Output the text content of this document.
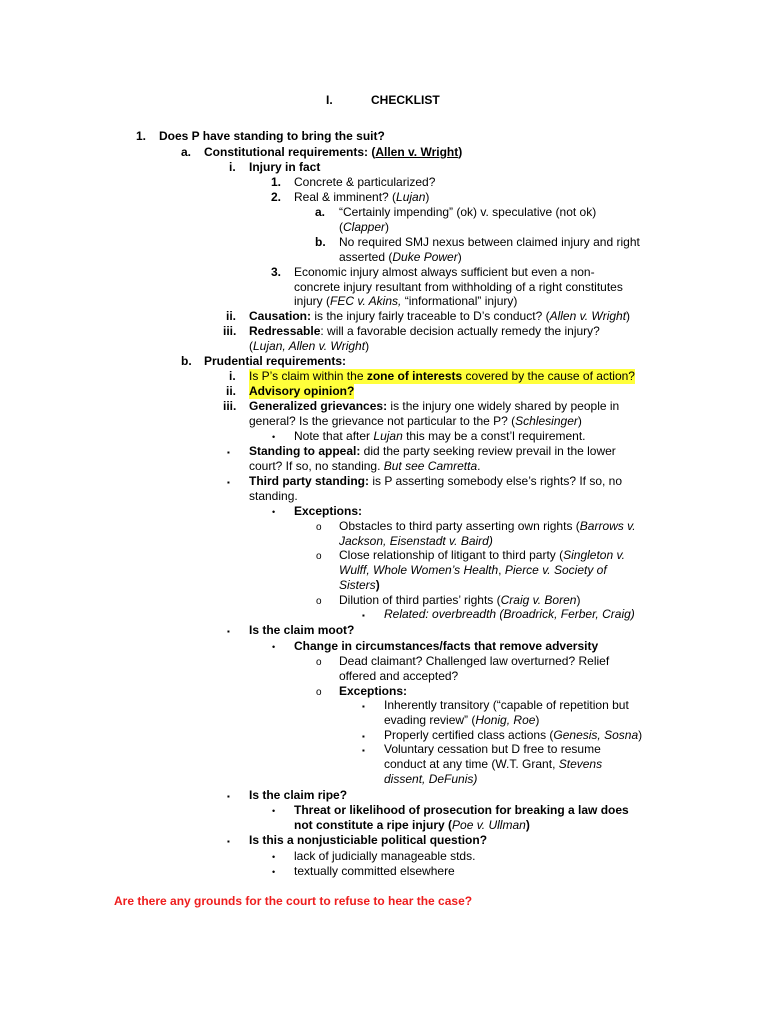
I.	CHECKLIST
1. Does P have standing to bring the suit?
a. Constitutional requirements: (Allen v. Wright)
i. Injury in fact
1. Concrete & particularized?
2. Real & imminent? (Lujan)
a. “Certainly impending” (ok) v. speculative (not ok)
(Clapper)
b. No required SMJ nexus between claimed injury and right
asserted (Duke Power)
3. Economic injury almost always sufficient but even a non-
concrete injury resultant from withholding of a right constitutes
injury (FEC v. Akins, “informational” injury)
ii. Causation: is the injury fairly traceable to D’s conduct? (Allen v. Wright)
iii. Redressable: will a favorable decision actually remedy the injury?
(Lujan, Allen v. Wright)
b. Prudential requirements:
i. Is P’s claim within the zone of interests covered by the cause of action?
ii. Advisory opinion?
iii. Generalized grievances: is the injury one widely shared by people in
general? Is the grievance not particular to the P? (Schlesinger)
• Note that after Lujan this may be a const’l requirement.
▪ Standing to appeal: did the party seeking review prevail in the lower
court? If so, no standing. But see Camretta.
▪ Third party standing: is P asserting somebody else’s rights? If so, no
standing.
• Exceptions:
o Obstacles to third party asserting own rights (Barrows v.
Jackson, Eisenstadt v. Baird)
o Close relationship of litigant to third party (Singleton v.
Wulff, Whole Women’s Health, Pierce v. Society of
Sisters)
o Dilution of third parties’ rights (Craig v. Boren)
▪ Related: overbreadth (Broadrick, Ferber, Craig)
▪ Is the claim moot?
• Change in circumstances/facts that remove adversity
o Dead claimant? Challenged law overturned? Relief
offered and accepted?
o Exceptions:
▪ Inherently transitory (“capable of repetition but
evading review” (Honig, Roe)
▪ Properly certified class actions (Genesis, Sosna)
▪ Voluntary cessation but D free to resume
conduct at any time (W.T. Grant, Stevens
dissent, DeFunis)
▪ Is the claim ripe?
• Threat or likelihood of prosecution for breaking a law does
not constitute a ripe injury (Poe v. Ullman)
▪ Is this a nonjusticiable political question?
• lack of judicially manageable stds.
• textually committed elsewhere
Are there any grounds for the court to refuse to hear the case?
